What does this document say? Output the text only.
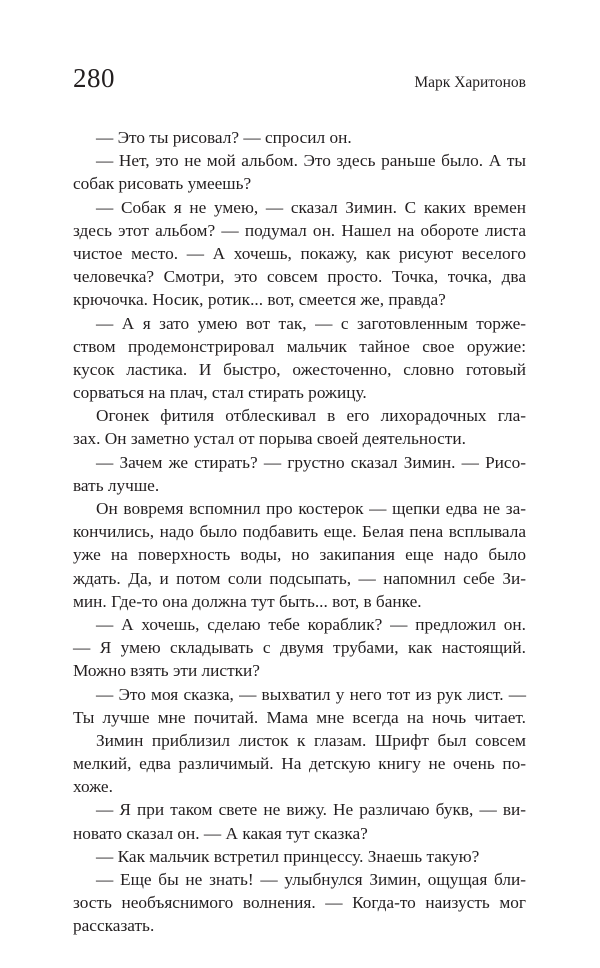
280	Марк Харитонов
— Это ты рисовал? — спросил он.
— Нет, это не мой альбом. Это здесь раньше было. А ты
собак рисовать умеешь?
— Собак я не умею, — сказал Зимин. С каких времен
здесь этот альбом? — подумал он. Нашел на обороте листа
чистое место. — А хочешь, покажу, как рисуют веселого
человечка? Смотри, это совсем просто. Точка, точка, два
крючочка. Носик, ротик... вот, смеется же, правда?
— А я зато умею вот так, — с заготовленным торже-
ством продемонстрировал мальчик тайное свое оружие:
кусок ластика. И быстро, ожесточенно, словно готовый
сорваться на плач, стал стирать рожицу.
Огонек фитиля отблескивал в его лихорадочных гла-
зах. Он заметно устал от порыва своей деятельности.
— Зачем же стирать? — грустно сказал Зимин. — Рисо-
вать лучше.
Он вовремя вспомнил про костерок — щепки едва не за-
кончились, надо было подбавить еще. Белая пена всплывала
уже на поверхность воды, но закипания еще надо было
ждать. Да, и потом соли подсыпать, — напомнил себе Зи-
мин. Где-то она должна тут быть... вот, в банке.
— А хочешь, сделаю тебе кораблик? — предложил он.
— Я умею складывать с двумя трубами, как настоящий.
Можно взять эти листки?
— Это моя сказка, — выхватил у него тот из рук лист. —
Ты лучше мне почитай. Мама мне всегда на ночь читает.
Зимин приблизил листок к глазам. Шрифт был совсем
мелкий, едва различимый. На детскую книгу не очень по-
хоже.
— Я при таком свете не вижу. Не различаю букв, — ви-
новато сказал он. — А какая тут сказка?
— Как мальчик встретил принцессу. Знаешь такую?
— Еще бы не знать! — улыбнулся Зимин, ощущая бли-
зость необъяснимого волнения. — Когда-то наизусть мог
рассказать.
